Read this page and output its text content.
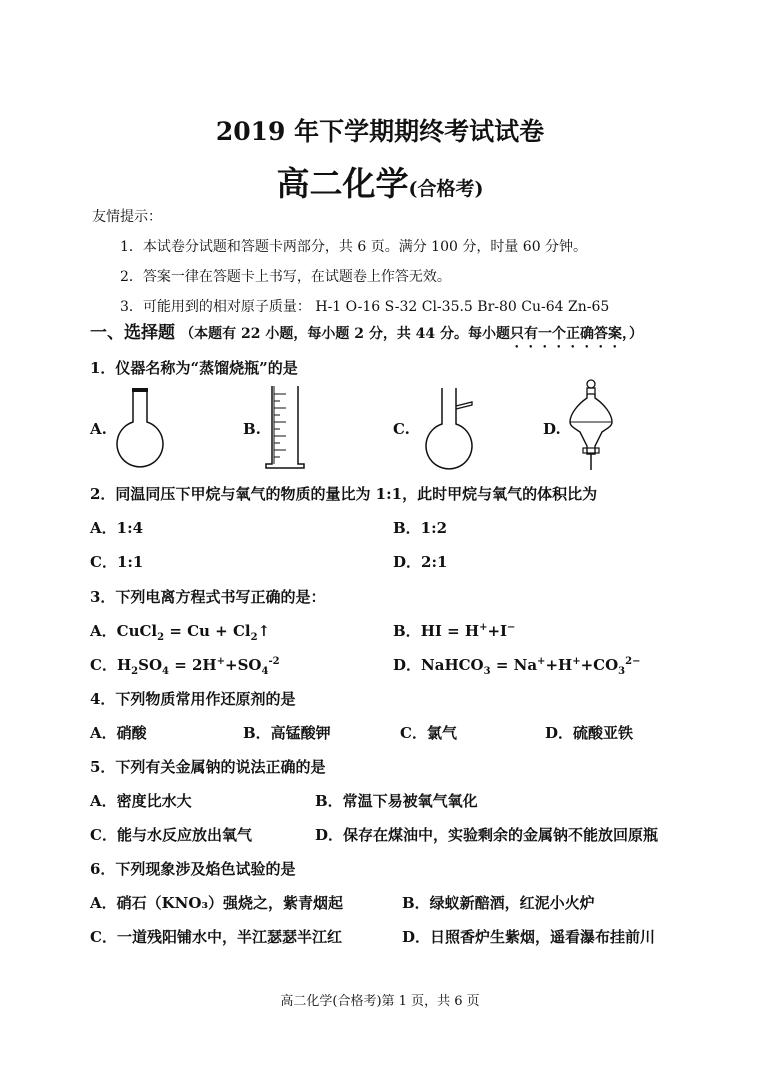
2019 年下学期期终考试试卷
高二化学(合格考)
友情提示：
1．本试卷分试题和答题卡两部分，共 6 页。满分 100 分，时量 60 分钟。
2．答案一律在答题卡上书写，在试题卷上作答无效。
3．可能用到的相对原子质量： H-1 O-16 S-32 Cl-35.5 Br-80 Cu-64 Zn-65
一、选择题 （本题有 22 小题，每小题 2 分，共 44 分。每小题只有一个正确答案，）
1．仪器名称为“蒸馏烧瓶”的是
A.	B.	C.	D.
2．同温同压下甲烷与氧气的物质的量比为 1:1，此时甲烷与氧气的体积比为
A．1:4	B．1:2
C．1:1	D．2:1
3．下列电离方程式书写正确的是：
A．CuCl$_2$ = $Cu + Cl_2↑$	B．HI = H++I−
C．$H_2SO_4 = 2H^++SO_4^{-2}$	D．NaHCO$_3$ = $Na^++H^++CO_3^{2-}$
4．下列物质常用作还原剂的是
A．硝酸	B．高锰酸钾	C．氯气	D．硫酸亚铁
5．下列有关金属钠的说法正确的是
A．密度比水大	B．常温下易被氧气氧化
C．能与水反应放出氧气	D．保存在煤油中，实验剩余的金属钠不能放回原瓶
6．下列现象涉及焰色试验的是
A．硝石（KNO₃）强烧之，紫青烟起	B．绿蚁新醅酒，红泥小火炉
C．一道残阳铺水中，半江瑟瑟半江红	D．日照香炉生紫烟，遥看瀑布挂前川
高二化学(合格考)第 1 页，共 6 页
